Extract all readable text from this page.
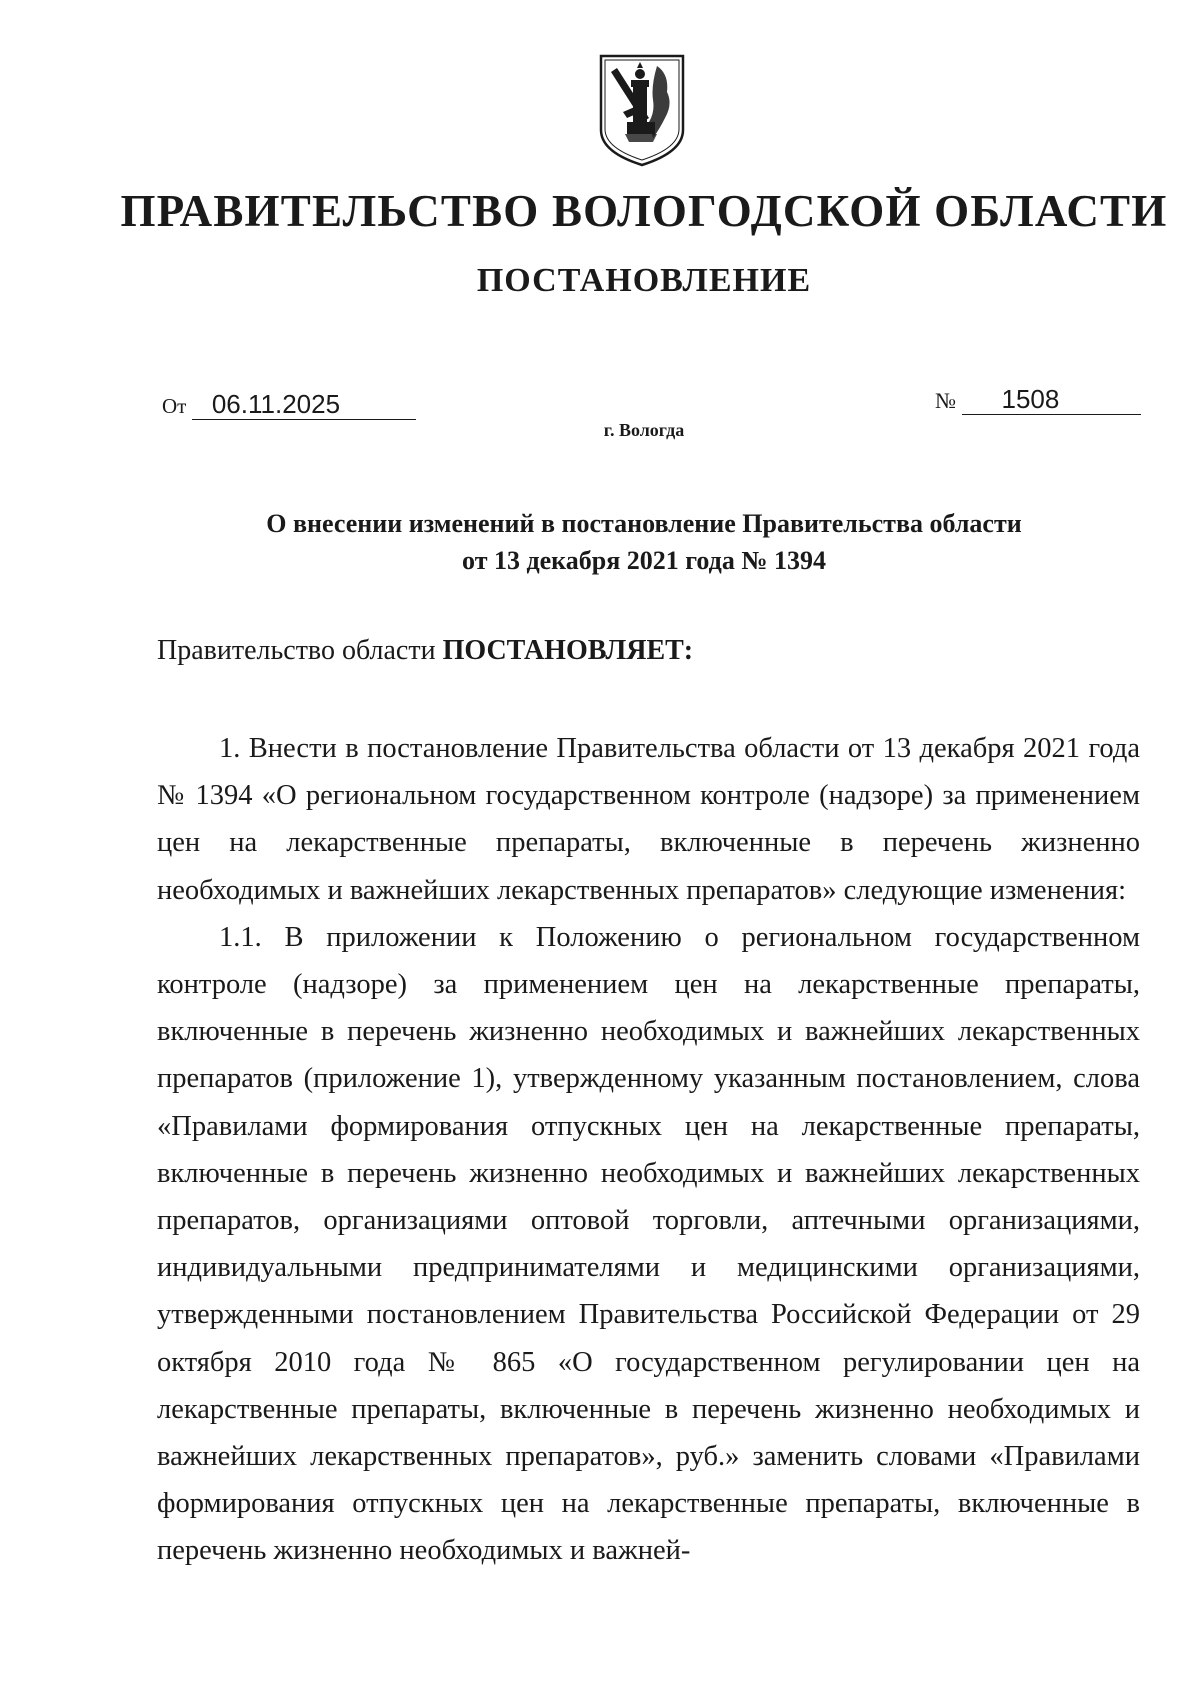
ПРАВИТЕЛЬСТВО ВОЛОГОДСКОЙ ОБЛАСТИ
ПОСТАНОВЛЕНИЕ
От 06.11.2025	№ 1508
г. Вологда
О внесении изменений в постановление Правительства области
от 13 декабря 2021 года № 1394
Правительство области ПОСТАНОВЛЯЕТ:

1. Внести в постановление Правительства области от 13 декабря 2021 года № 1394 «О региональном государственном контроле (надзоре) за применением цен на лекарственные препараты, включенные в перечень жизненно необходимых и важнейших лекарственных препаратов» следующие изменения:

1.1. В приложении к Положению о региональном государственном контроле (надзоре) за применением цен на лекарственные препараты, включенные в перечень жизненно необходимых и важнейших лекарственных препаратов (приложение 1), утвержденному указанным постановлением, слова «Правилами формирования отпускных цен на лекарственные препараты, включенные в перечень жизненно необходимых и важнейших лекарственных препаратов, организациями оптовой торговли, аптечными организациями, индивидуальными предпринимателями и медицинскими организациями, утвержденными постановлением Правительства Российской Федерации от 29 октября 2010 года № 865 «О государственном регулировании цен на лекарственные препараты, включенные в перечень жизненно необходимых и важнейших лекарственных препаратов», руб.» заменить словами «Правилами формирования отпускных цен на лекарственные препараты, включенные в перечень жизненно необходимых и важней-
